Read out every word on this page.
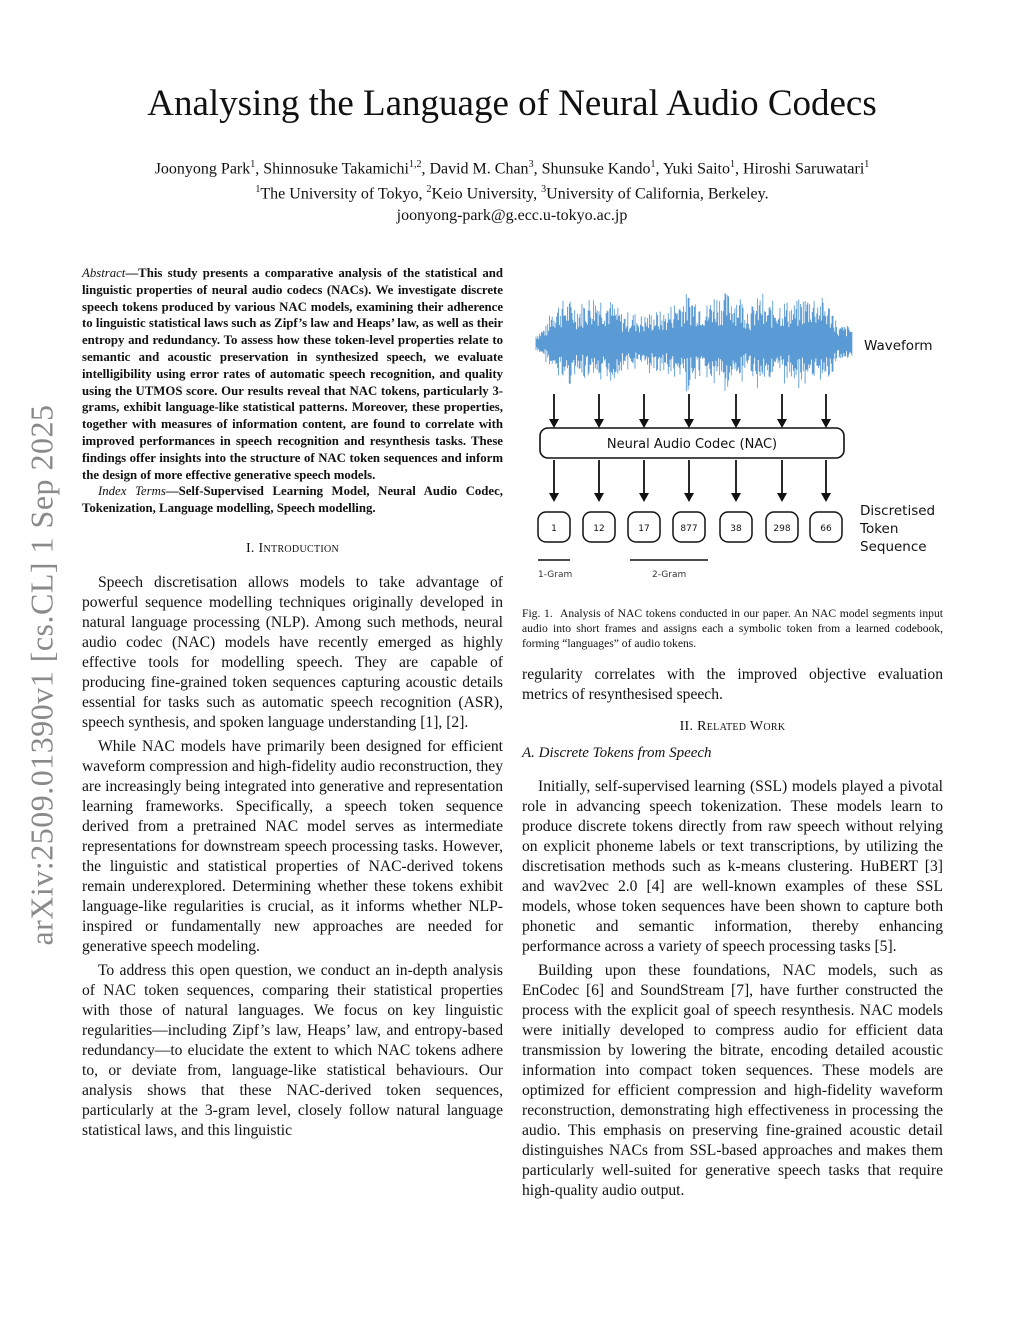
arXiv:2509.01390v1 [cs.CL] 1 Sep 2025
Analysing the Language of Neural Audio Codecs
Joonyong Park$^1$, Shinnosuke Takamichi$^{1,2}$, David M. Chan$^3$, Shunsuke Kando$^1$, Yuki Saito$^1$, Hiroshi Saruwatari$^1$
$^1$The University of Tokyo, $^2$Keio University, $^3$University of California, Berkeley.
joonyong-park@g.ecc.u-tokyo.ac.jp

Abstract—This study presents a comparative analysis of the statistical and linguistic properties of neural audio codecs (NACs). We investigate discrete speech tokens produced by various NAC models, examining their adherence to linguistic statistical laws such as Zipf’s law and Heaps’ law, as well as their entropy and redundancy. To assess how these token-level properties relate to semantic and acoustic preservation in synthesized speech, we evaluate intelligibility using error rates of automatic speech recognition, and quality using the UTMOS score. Our results reveal that NAC tokens, particularly 3-grams, exhibit language-like statistical patterns. Moreover, these properties, together with measures of information content, are found to correlate with improved performances in speech recognition and resynthesis tasks. These findings offer insights into the structure of NAC token sequences and inform the design of more effective generative speech models.

Index Terms—Self-Supervised Learning Model, Neural Audio Codec, Tokenization, Language modelling, Speech modelling.

I. Introduction

Speech discretisation allows models to take advantage of powerful sequence modelling techniques originally developed in natural language processing (NLP). Among such methods, neural audio codec (NAC) models have recently emerged as highly effective tools for modelling speech. They are capable of producing fine-grained token sequences capturing acoustic details essential for tasks such as automatic speech recognition (ASR), speech synthesis, and spoken language understanding [1], [2].

While NAC models have primarily been designed for efficient waveform compression and high-fidelity audio reconstruction, they are increasingly being integrated into generative and representation learning frameworks. Specifically, a speech token sequence derived from a pretrained NAC model serves as intermediate representations for downstream speech processing tasks. However, the linguistic and statistical properties of NAC-derived tokens remain underexplored. Determining whether these tokens exhibit language-like regularities is crucial, as it informs whether NLP-inspired or fundamentally new approaches are needed for generative speech modeling.

To address this open question, we conduct an in-depth analysis of NAC token sequences, comparing their statistical properties with those of natural languages. We focus on key linguistic regularities—including Zipf’s law, Heaps’ law, and entropy-based redundancy—to elucidate the extent to which NAC tokens adhere to, or deviate from, language-like statistical behaviours. Our analysis shows that these NAC-derived token sequences, particularly at the 3-gram level, closely follow natural language statistical laws, and this linguistic

Waveform
Neural Audio Codec (NAC)
1	12	17	877	38	298	66
Discretised
Token
Sequence
1-Gram	2-Gram
Fig. 1. Analysis of NAC tokens conducted in our paper. An NAC model segments input audio into short frames and assigns each a symbolic token from a learned codebook, forming “languages” of audio tokens.

regularity correlates with the improved objective evaluation metrics of resynthesised speech.

II. Related Work
A. Discrete Tokens from Speech

Initially, self-supervised learning (SSL) models played a pivotal role in advancing speech tokenization. These models learn to produce discrete tokens directly from raw speech without relying on explicit phoneme labels or text transcriptions, by utilizing the discretisation methods such as k-means clustering. HuBERT [3] and wav2vec 2.0 [4] are well-known examples of these SSL models, whose token sequences have been shown to capture both phonetic and semantic information, thereby enhancing performance across a variety of speech processing tasks [5].

Building upon these foundations, NAC models, such as EnCodec [6] and SoundStream [7], have further constructed the process with the explicit goal of speech resynthesis. NAC models were initially developed to compress audio for efficient data transmission by lowering the bitrate, encoding detailed acoustic information into compact token sequences. These models are optimized for efficient compression and high-fidelity waveform reconstruction, demonstrating high effectiveness in processing the audio. This emphasis on preserving fine-grained acoustic detail distinguishes NACs from SSL-based approaches and makes them particularly well-suited for generative speech tasks that require high-quality audio output.
